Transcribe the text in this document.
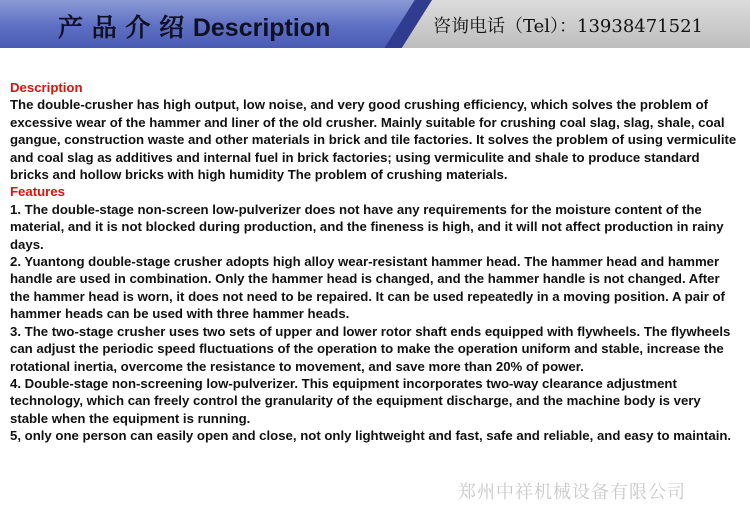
产 品 介 绍 Description	咨询电话（Tel）：13938471521

Description

The double-crusher has high output, low noise, and very good crushing efficiency, which solves the problem of excessive wear of the hammer and liner of the old crusher. Mainly suitable for crushing coal slag, slag, shale, coal gangue, construction waste and other materials in brick and tile factories. It solves the problem of using vermiculite and coal slag as additives and internal fuel in brick factories; using vermiculite and shale to produce standard bricks and hollow bricks with high humidity The problem of crushing materials.

Features

1. The double-stage non-screen low-pulverizer does not have any requirements for the moisture content of the material, and it is not blocked during production, and the fineness is high, and it will not affect production in rainy days.

2. Yuantong double-stage crusher adopts high alloy wear-resistant hammer head. The hammer head and hammer handle are used in combination. Only the hammer head is changed, and the hammer handle is not changed. After the hammer head is worn, it does not need to be repaired. It can be used repeatedly in a moving position. A pair of hammer heads can be used with three hammer heads.

3. The two-stage crusher uses two sets of upper and lower rotor shaft ends equipped with flywheels. The flywheels can adjust the periodic speed fluctuations of the operation to make the operation uniform and stable, increase the rotational inertia, overcome the resistance to movement, and save more than 20% of power.

4. Double-stage non-screening low-pulverizer. This equipment incorporates two-way clearance adjustment technology, which can freely control the granularity of the equipment discharge, and the machine body is very stable when the equipment is running.

5, only one person can easily open and close, not only lightweight and fast, safe and reliable, and easy to maintain.

郑州中祥机械设备有限公司
